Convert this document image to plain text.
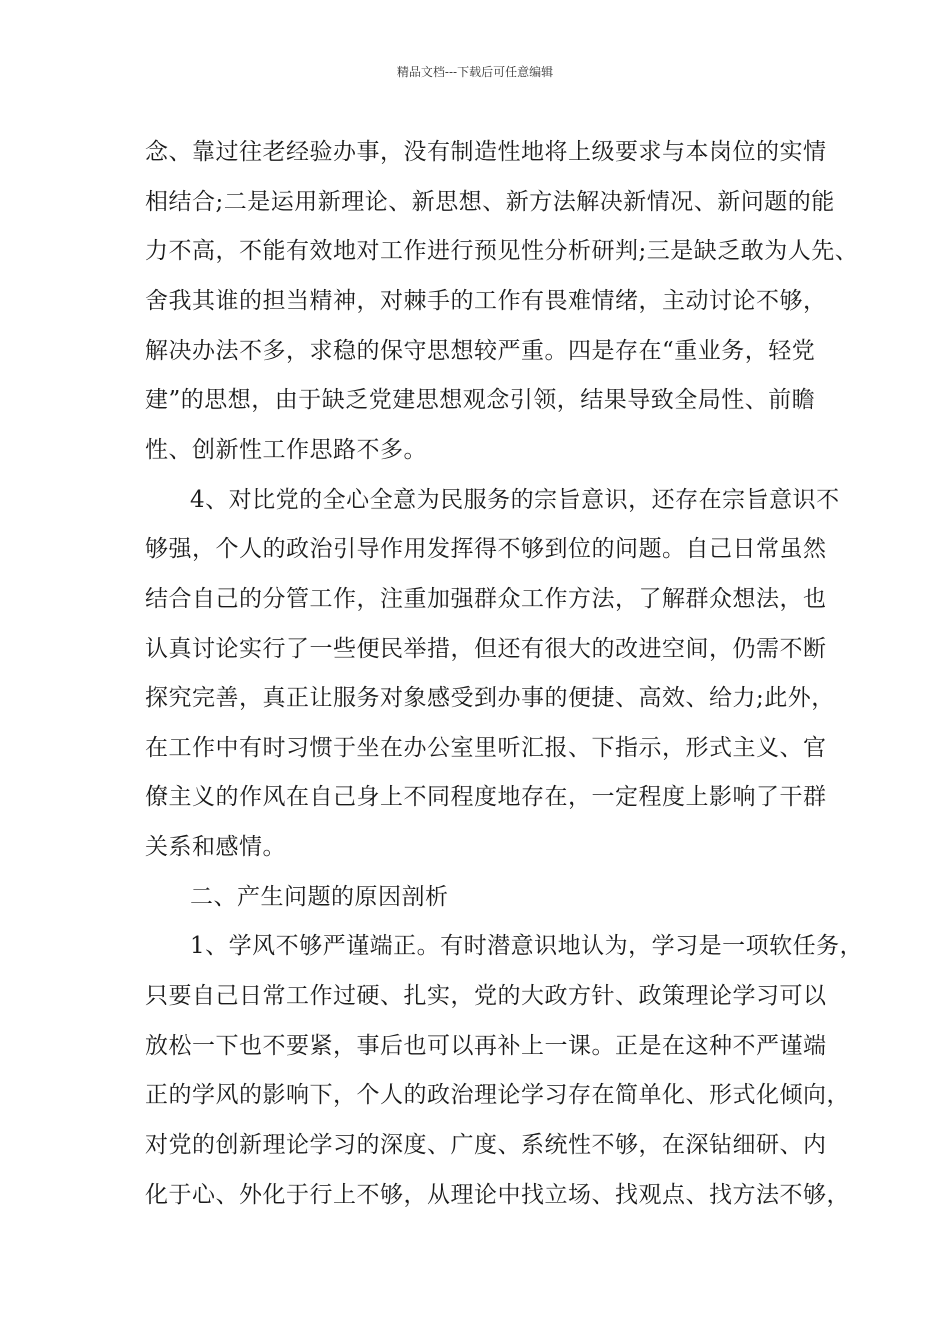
精品文档---下载后可任意编辑
念、靠过往老经验办事，没有制造性地将上级要求与本岗位的实情
相结合;二是运用新理论、新思想、新方法解决新情况、新问题的能
力不高，不能有效地对工作进行预见性分析研判;三是缺乏敢为人先、
舍我其谁的担当精神，对棘手的工作有畏难情绪，主动讨论不够，
解决办法不多，求稳的保守思想较严重。四是存在“重业务，轻党
建”的思想，由于缺乏党建思想观念引领，结果导致全局性、前瞻
性、创新性工作思路不多。
4、对比党的全心全意为民服务的宗旨意识，还存在宗旨意识不
够强，个人的政治引导作用发挥得不够到位的问题。自己日常虽然
结合自己的分管工作，注重加强群众工作方法，了解群众想法，也
认真讨论实行了一些便民举措，但还有很大的改进空间，仍需不断
探究完善，真正让服务对象感受到办事的便捷、高效、给力;此外，
在工作中有时习惯于坐在办公室里听汇报、下指示，形式主义、官
僚主义的作风在自己身上不同程度地存在，一定程度上影响了干群
关系和感情。
二、产生问题的原因剖析
1、学风不够严谨端正。有时潜意识地认为，学习是一项软任务，
只要自己日常工作过硬、扎实，党的大政方针、政策理论学习可以
放松一下也不要紧，事后也可以再补上一课。正是在这种不严谨端
正的学风的影响下，个人的政治理论学习存在简单化、形式化倾向，
对党的创新理论学习的深度、广度、系统性不够，在深钻细研、内
化于心、外化于行上不够，从理论中找立场、找观点、找方法不够，
